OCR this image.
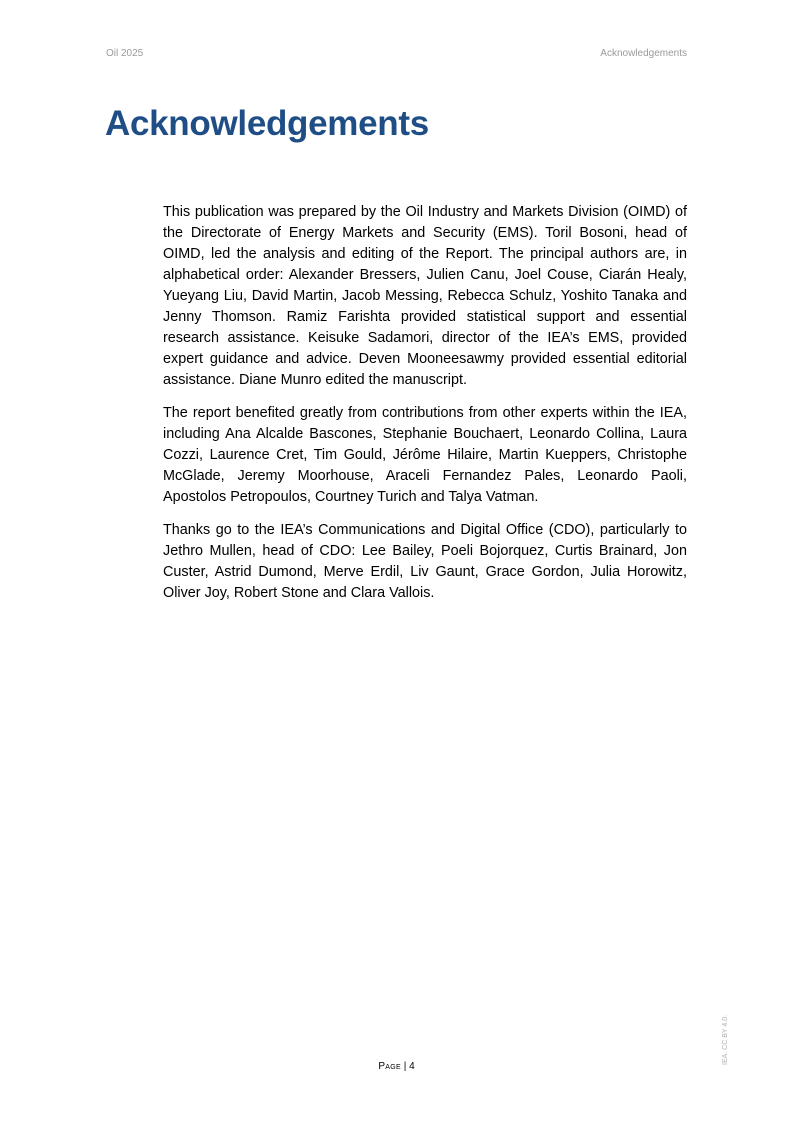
Oil 2025	Acknowledgements
Acknowledgements

This publication was prepared by the Oil Industry and Markets Division (OIMD) of the Directorate of Energy Markets and Security (EMS). Toril Bosoni, head of OIMD, led the analysis and editing of the Report. The principal authors are, in alphabetical order: Alexander Bressers, Julien Canu, Joel Couse, Ciarán Healy, Yueyang Liu, David Martin, Jacob Messing, Rebecca Schulz, Yoshito Tanaka and Jenny Thomson. Ramiz Farishta provided statistical support and essential research assistance. Keisuke Sadamori, director of the IEA’s EMS, provided expert guidance and advice. Deven Mooneesawmy provided essential editorial assistance. Diane Munro edited the manuscript.

The report benefited greatly from contributions from other experts within the IEA, including Ana Alcalde Bascones, Stephanie Bouchaert, Leonardo Collina, Laura Cozzi, Laurence Cret, Tim Gould, Jérôme Hilaire, Martin Kueppers, Christophe McGlade, Jeremy Moorhouse, Araceli Fernandez Pales, Leonardo Paoli, Apostolos Petropoulos, Courtney Turich and Talya Vatman.

Thanks go to the IEA’s Communications and Digital Office (CDO), particularly to Jethro Mullen, head of CDO: Lee Bailey, Poeli Bojorquez, Curtis Brainard, Jon Custer, Astrid Dumond, Merve Erdil, Liv Gaunt, Grace Gordon, Julia Horowitz, Oliver Joy, Robert Stone and Clara Vallois.

Page | 4
IEA. CC BY 4.0.
